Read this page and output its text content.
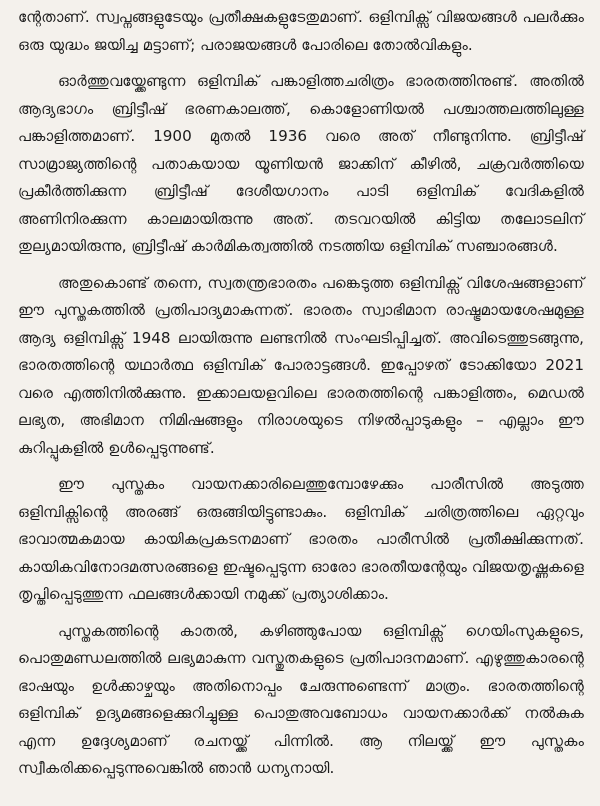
ന്റേതാണ്. സ്വപ്നങ്ങളുടേയും പ്രതീക്ഷകളുടേതുമാണ്. ഒളിമ്പിക്സ് വിജയങ്ങൾ പലർക്കും ഒരു യുദ്ധം ജയിച്ച മട്ടാണ്; പരാജയങ്ങൾ പോരിലെ തോൽവികളും.

ഓർത്തുവയ്ക്കേണ്ടുന്ന ഒളിമ്പിക് പങ്കാളിത്തചരിത്രം ഭാരതത്തിനുണ്ട്. അതിൽ ആദ്യഭാഗം ബ്രിട്ടീഷ് ഭരണകാലത്ത്, കൊളോണിയൽ പശ്ചാത്തലത്തിലുള്ള പങ്കാളിത്തമാണ്. 1900 മുതൽ 1936 വരെ അത് നീണ്ടുനിന്നു. ബ്രിട്ടീഷ് സാമ്രാജ്യത്തിന്റെ പതാകയായ യൂണിയൻ ജാക്കിന് കീഴിൽ, ചക്രവർത്തിയെ പ്രകീർത്തിക്കുന്ന ബ്രിട്ടീഷ് ദേശീയഗാനം പാടി ഒളിമ്പിക് വേദികളിൽ അണിനിരക്കുന്ന കാലമായിരുന്നു അത്. തടവറയിൽ കിട്ടിയ തലോടലിന് തുല്യമായിരുന്നു, ബ്രിട്ടീഷ് കാർമികത്വത്തിൽ നടത്തിയ ഒളിമ്പിക് സഞ്ചാരങ്ങൾ.

അതുകൊണ്ട് തന്നെ, സ്വതന്ത്രഭാരതം പങ്കെടുത്ത ഒളിമ്പിക്സ് വിശേഷങ്ങളാണ് ഈ പുസ്തകത്തിൽ പ്രതിപാദ്യമാകുന്നത്. ഭാരതം സ്വാഭിമാന രാഷ്ട്രമായശേഷമുള്ള ആദ്യ ഒളിമ്പിക്സ് 1948 ലായിരുന്നു ലണ്ടനിൽ സംഘടിപ്പിച്ചത്. അവിടെത്തുടങ്ങുന്നു, ഭാരതത്തിന്റെ യഥാർത്ഥ ഒളിമ്പിക് പോരാട്ടങ്ങൾ. ഇപ്പോഴത് ടോക്കിയോ 2021 വരെ എത്തിനിൽക്കുന്നു. ഇക്കാലയളവിലെ ഭാരതത്തിന്റെ പങ്കാളിത്തം, മെഡൽ ലഭ്യത, അഭിമാന നിമിഷങ്ങളും നിരാശയുടെ നിഴൽപ്പാടുകളും – എല്ലാം ഈ കുറിപ്പുകളിൽ ഉൾപ്പെടുന്നുണ്ട്.

ഈ പുസ്തകം വായനക്കാരിലെത്തുമ്പോഴേക്കും പാരീസിൽ അടുത്ത ഒളിമ്പിക്സിന്റെ അരങ്ങ് ഒരുങ്ങിയിട്ടുണ്ടാകും. ഒളിമ്പിക് ചരിത്രത്തിലെ ഏറ്റവും ഭാവാത്മകമായ കായികപ്രകടനമാണ് ഭാരതം പാരീസിൽ പ്രതീക്ഷിക്കുന്നത്. കായികവിനോദമത്സരങ്ങളെ ഇഷ്ടപ്പെടുന്ന ഓരോ ഭാരതീയന്റേയും വിജയതൃഷ്ണകളെ തൃപ്തിപ്പെടുത്തുന്ന ഫലങ്ങൾക്കായി നമുക്ക് പ്രത്യാശിക്കാം.

പുസ്തകത്തിന്റെ കാതൽ, കഴിഞ്ഞുപോയ ഒളിമ്പിക്സ് ഗെയിംസുകളുടെ, പൊതുമണ്ഡലത്തിൽ ലഭ്യമാകുന്ന വസ്തുതകളുടെ പ്രതിപാദനമാണ്. എഴുത്തുകാരന്റെ ഭാഷയും ഉൾക്കാഴ്ചയും അതിനൊപ്പം ചേരുന്നുണ്ടെന്ന് മാത്രം. ഭാരതത്തിന്റെ ഒളിമ്പിക് ഉദ്യമങ്ങളെക്കുറിച്ചുള്ള പൊതുഅവബോധം വായനക്കാർക്ക് നൽകുക എന്ന ഉദ്ദേശ്യമാണ് രചനയ്ക്ക് പിന്നിൽ. ആ നിലയ്ക്ക് ഈ പുസ്തകം സ്വീകരിക്കപ്പെടുന്നുവെങ്കിൽ ഞാൻ ധന്യനായി.
